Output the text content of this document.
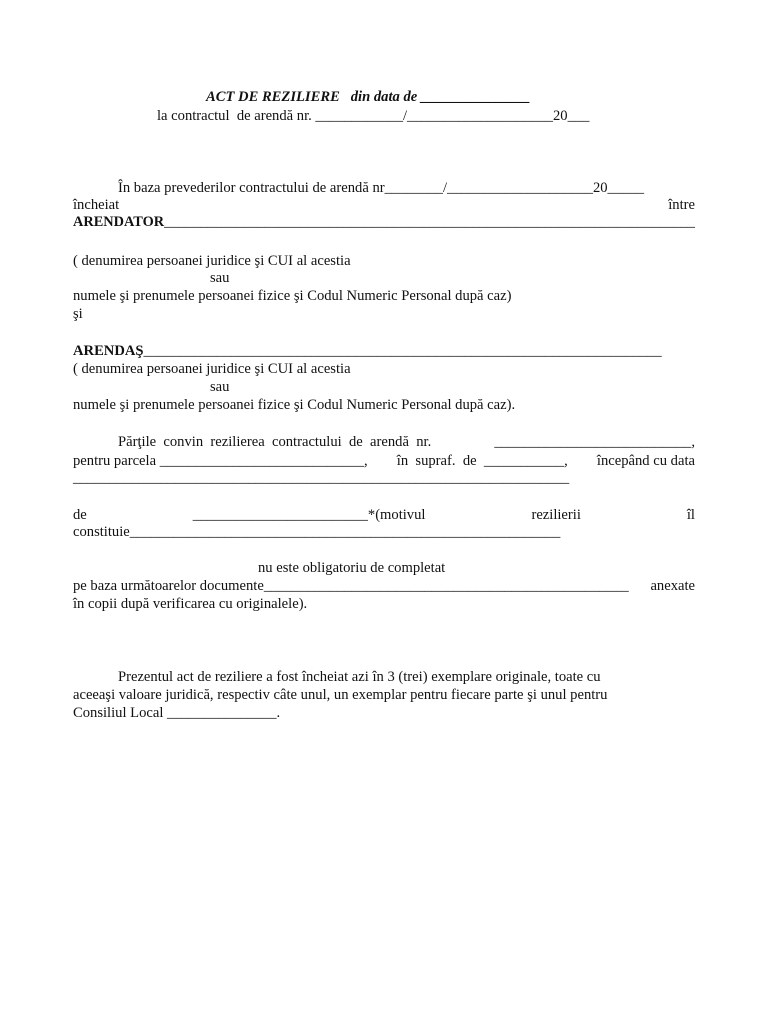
ACT DE REZILIERE   din data de _______________
la contractul  de arendă nr. ____________/____________________20___
În baza prevederilor contractului de arendă nr________/____________________20_____
încheiat	între
ARENDATOR__________________________________________________________________________
( denumirea persoanei juridice şi CUI al acestia
sau
numele şi prenumele persoanei fizice şi Codul Numeric Personal după caz)
şi
ARENDAŞ_______________________________________________________________________
( denumirea persoanei juridice şi CUI al acestia
sau
numele şi prenumele persoanei fizice şi Codul Numeric Personal după caz).
Părţile  convin  rezilierea  contractului  de  arendă  nr.	___________________________,
pentru parcela ____________________________, în  supraf.  de  ___________, începând cu data
____________________________________________________________________
de	________________________*(motivul	rezilierii	îl
constituie___________________________________________________________
nu este obligatoriu de completat
pe baza următoarelor documente__________________________________________________ anexate
în copii după verificarea cu originalele).
Prezentul act de reziliere a fost încheiat azi în 3 (trei) exemplare originale, toate cu
aceeaşi valoare juridică, respectiv câte unul, un exemplar pentru fiecare parte şi unul pentru
Consiliul Local _______________.
